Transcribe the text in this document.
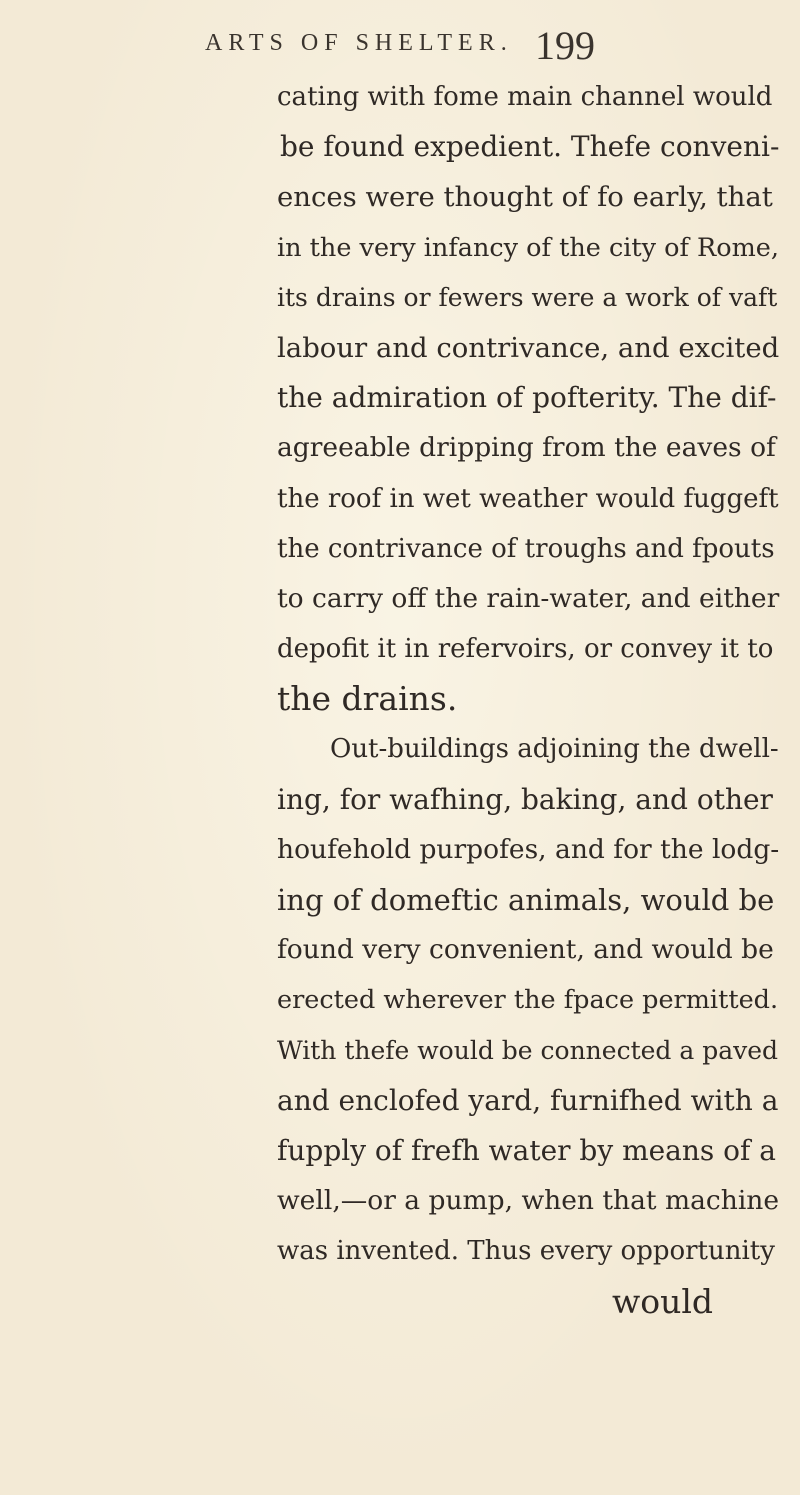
ARTS OF SHELTER. 199
cating with fome main channel would
be found expedient. Thefe conveni-
ences were thought of fo early, that
in the very infancy of the city of Rome,
its drains or fewers were a work of vaft
labour and contrivance, and excited
the admiration of pofterity. The dif-
agreeable dripping from the eaves of
the roof in wet weather would fuggeft
the contrivance of troughs and fpouts
to carry off the rain-water, and either
depofit it in refervoirs, or convey it to
the drains.
Out-buildings adjoining the dwell-
ing, for wafhing, baking, and other
houfehold purpofes, and for the lodg-
ing of domeftic animals, would be
found very convenient, and would be
erected wherever the fpace permitted.
With thefe would be connected a paved
and enclofed yard, furnifhed with a
fupply of frefh water by means of a
well,—or a pump, when that machine
was invented. Thus every opportunity
would
